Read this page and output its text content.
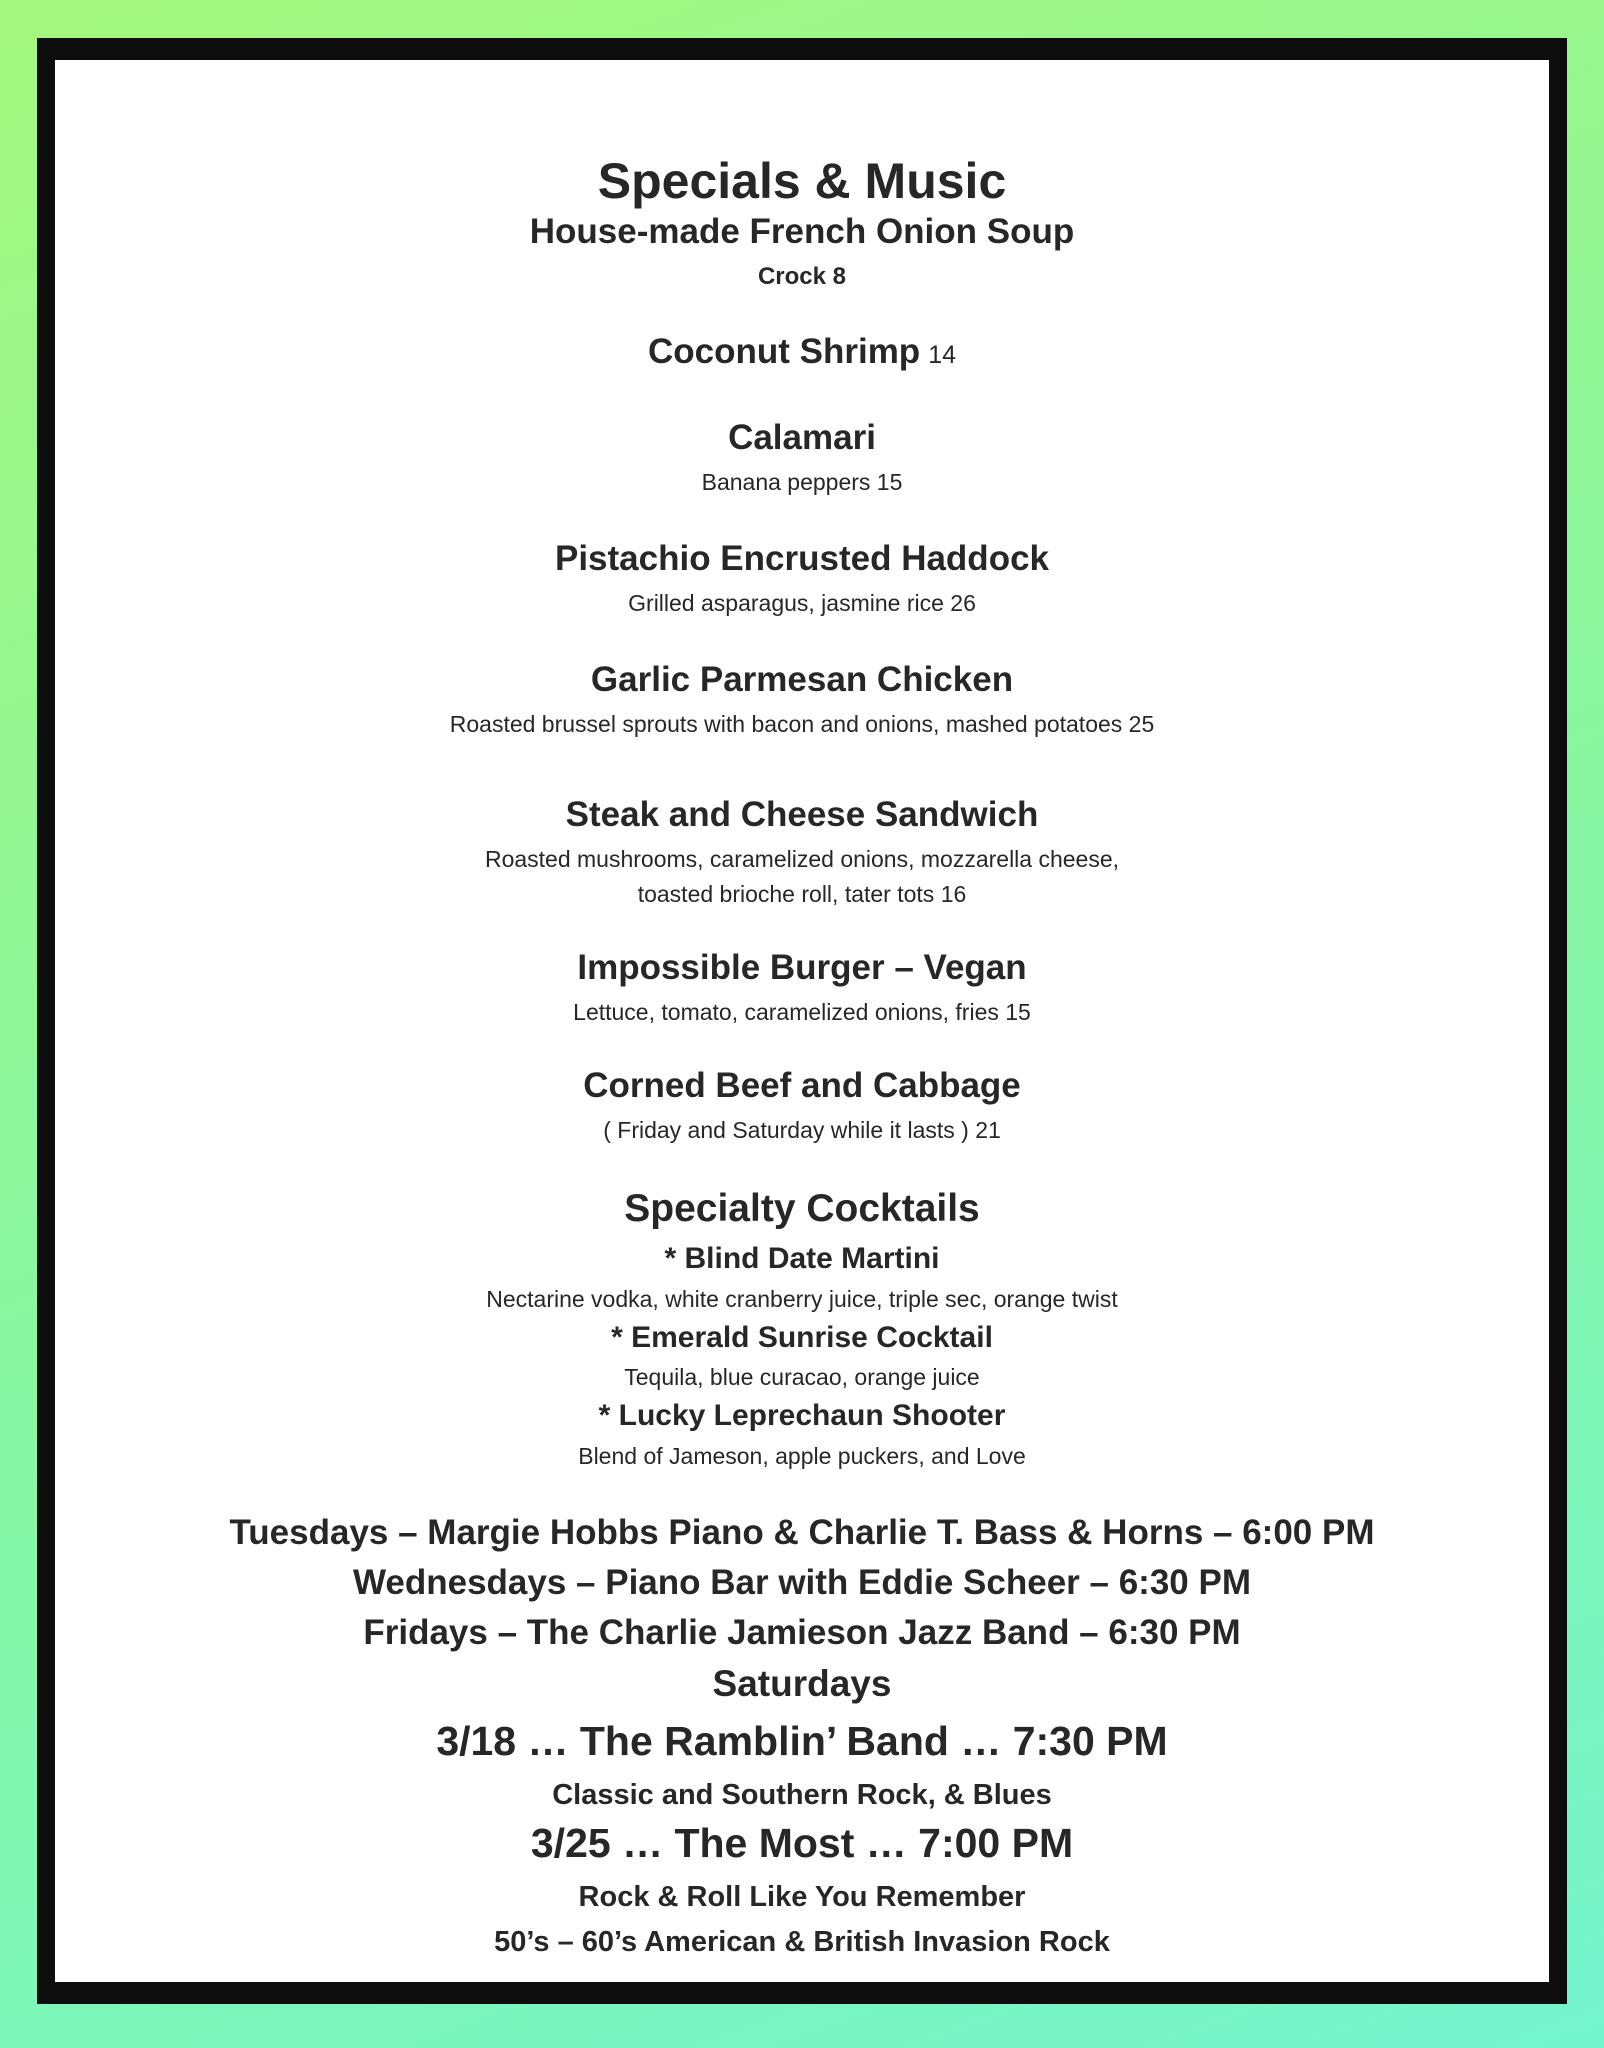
Specials & Music
House-made French Onion Soup
Crock 8
Coconut Shrimp 14
Calamari
Banana peppers 15
Pistachio Encrusted Haddock
Grilled asparagus, jasmine rice 26
Garlic Parmesan Chicken
Roasted brussel sprouts with bacon and onions, mashed potatoes 25
Steak and Cheese Sandwich
Roasted mushrooms, caramelized onions, mozzarella cheese,
toasted brioche roll, tater tots 16
Impossible Burger – Vegan
Lettuce, tomato, caramelized onions, fries 15
Corned Beef and Cabbage
( Friday and Saturday while it lasts ) 21
Specialty Cocktails
* Blind Date Martini
Nectarine vodka, white cranberry juice, triple sec, orange twist
* Emerald Sunrise Cocktail
Tequila, blue curacao, orange juice
* Lucky Leprechaun Shooter
Blend of Jameson, apple puckers, and Love
Tuesdays – Margie Hobbs Piano & Charlie T. Bass & Horns – 6:00 PM
Wednesdays – Piano Bar with Eddie Scheer – 6:30 PM
Fridays – The Charlie Jamieson Jazz Band – 6:30 PM
Saturdays
3/18 … The Ramblin’ Band … 7:30 PM
Classic and Southern Rock, & Blues
3/25 … The Most … 7:00 PM
Rock & Roll Like You Remember
50’s – 60’s American & British Invasion Rock
